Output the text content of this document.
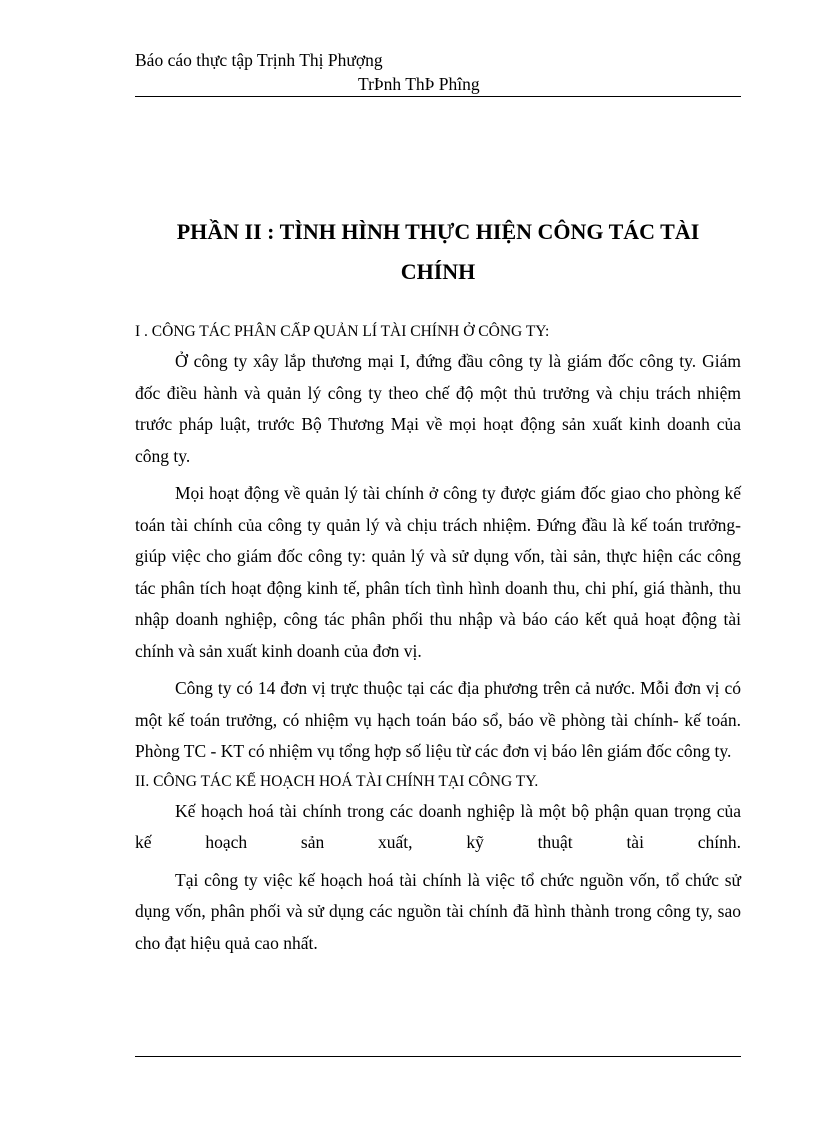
Báo cáo thực tập Trịnh Thị Phượng
TrÞnh ThÞ Phîng
PHẦN II : TÌNH HÌNH THỰC HIỆN CÔNG TÁC TÀI
CHÍNH

I . CÔNG TÁC PHÂN CẤP QUẢN LÍ TÀI CHÍNH Ở CÔNG TY:

Ở công ty xây lắp thương mại I, đứng đầu công ty là giám đốc công ty. Giám đốc điều hành và quản lý công ty theo chế độ một thủ trưởng và chịu trách nhiệm trước pháp luật, trước Bộ Thương Mại về mọi hoạt động sản xuất kinh doanh của công ty.

Mọi hoạt động về quản lý tài chính ở công ty được giám đốc giao cho phòng kế toán tài chính của công ty quản lý và chịu trách nhiệm. Đứng đầu là kế toán trưởng- giúp việc cho giám đốc công ty: quản lý và sử dụng vốn, tài sản, thực hiện các công tác phân tích hoạt động kinh tế, phân tích tình hình doanh thu, chi phí, giá thành, thu nhập doanh nghiệp, công tác phân phối thu nhập và báo cáo kết quả hoạt động tài chính và sản xuất kinh doanh của đơn vị.

Công ty có 14 đơn vị trực thuộc tại các địa phương trên cả nước. Mỗi đơn vị có một kế toán trưởng, có nhiệm vụ hạch toán báo sổ, báo về phòng tài chính- kế toán. Phòng TC - KT có nhiệm vụ tổng hợp số liệu từ các đơn vị báo lên giám đốc công ty.

II. CÔNG TÁC KẾ HOẠCH HOÁ TÀI CHÍNH TẠI CÔNG TY.

Kế hoạch hoá tài chính trong các doanh nghiệp là một bộ phận quan trọng của kế hoạch sản xuất, kỹ thuật tài chính.

Tại công ty việc kế hoạch hoá tài chính là việc tổ chức nguồn vốn, tổ chức sử dụng vốn, phân phối và sử dụng các nguồn tài chính đã hình thành trong công ty, sao cho đạt hiệu quả cao nhất.
